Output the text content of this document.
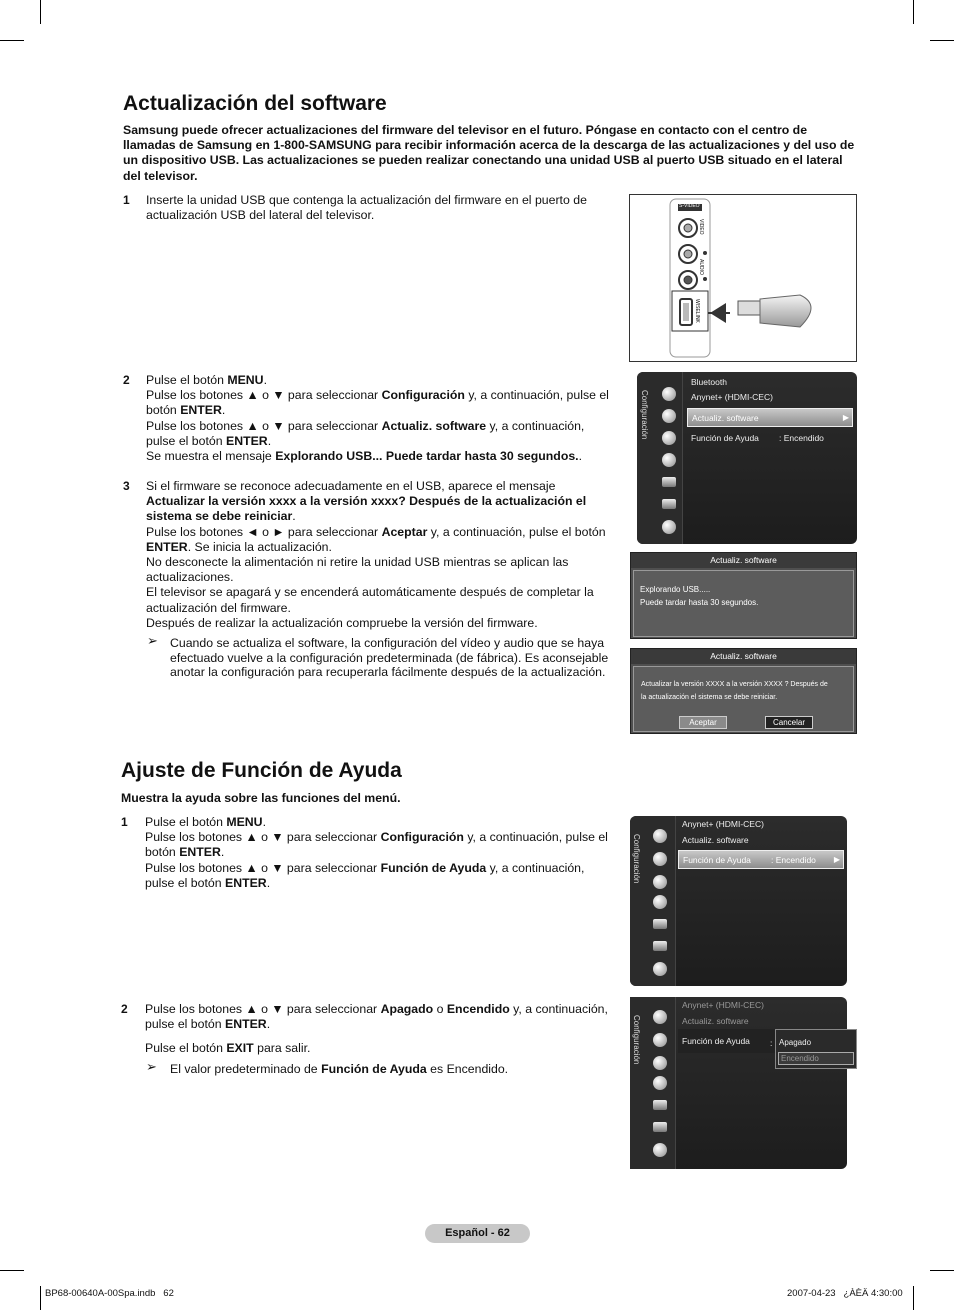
Actualización del software
Samsung puede ofrecer actualizaciones del firmware del televisor en el futuro. Póngase en contacto con el centro de llamadas de Samsung en 1-800-SAMSUNG para recibir información acerca de la descarga de las actualizaciones y del uso de un dispositivo USB. Las actualizaciones se pueden realizar conectando una unidad USB al puerto USB situado en el lateral del televisor.
1 Inserte la unidad USB que contenga la actualización del firmware en el puerto de actualización USB del lateral del televisor.
S-VIDEO
VIDEO
AUDIO
WISELINK
2 Pulse el botón MENU.
Pulse los botones ▲ o ▼ para seleccionar Configuración y, a continuación, pulse el botón ENTER.
Pulse los botones ▲ o ▼ para seleccionar Actualiz. software y, a continuación,
pulse el botón ENTER.
Se muestra el mensaje Explorando USB... Puede tardar hasta 30 segundos..
3 Si el firmware se reconoce adecuadamente en el USB, aparece el mensaje
Actualizar la versión xxxx a la versión xxxx? Después de la actualización el sistema se debe reiniciar.
Pulse los botones ◄ o ► para seleccionar Aceptar y, a continuación, pulse el botón ENTER. Se inicia la actualización.
No desconecte la alimentación ni retire la unidad USB mientras se aplican las actualizaciones.
El televisor se apagará y se encenderá automáticamente después de completar la actualización del firmware.
Después de realizar la actualización compruebe la versión del firmware.
➢ Cuando se actualiza el software, la configuración del vídeo y audio que se haya efectuado vuelve a la configuración predeterminada (de fábrica). Es aconsejable anotar la configuración para recuperarla fácilmente después de la actualización.
Configuración
Bluetooth
Anynet+ (HDMI-CEC)
Actualiz. software	▶
Función de Ayuda : Encendido
Actualiz. software
Explorando USB.....
Puede tardar hasta 30 segundos.
Actualiz. software
Actualizar la versión XXXX a la versión XXXX ? Después de
la actualización el sistema se debe reiniciar.
Aceptar	Cancelar
Ajuste de Función de Ayuda
Muestra la ayuda sobre las funciones del menú.
1 Pulse el botón MENU.
Pulse los botones ▲ o ▼ para seleccionar Configuración y, a continuación, pulse el botón ENTER.
Pulse los botones ▲ o ▼ para seleccionar Función de Ayuda y, a continuación, pulse el botón ENTER.	Configuración
Anynet+ (HDMI-CEC)
Actualiz. software
Función de Ayuda : Encendido ▶
2 Pulse los botones ▲ o ▼ para seleccionar Apagado o Encendido y, a continuación, pulse el botón ENTER.

Pulse el botón EXIT para salir.
➢ El valor predeterminado de Función de Ayuda es Encendido.
Configuración
Anynet+ (HDMI-CEC)
Actualiz. software
Función de Ayuda : Apagado
Encendido
Español - 62
BP68-00640A-00Spa.indb   62	2007-04-23   ¿ÀÈÄ 4:30:00
